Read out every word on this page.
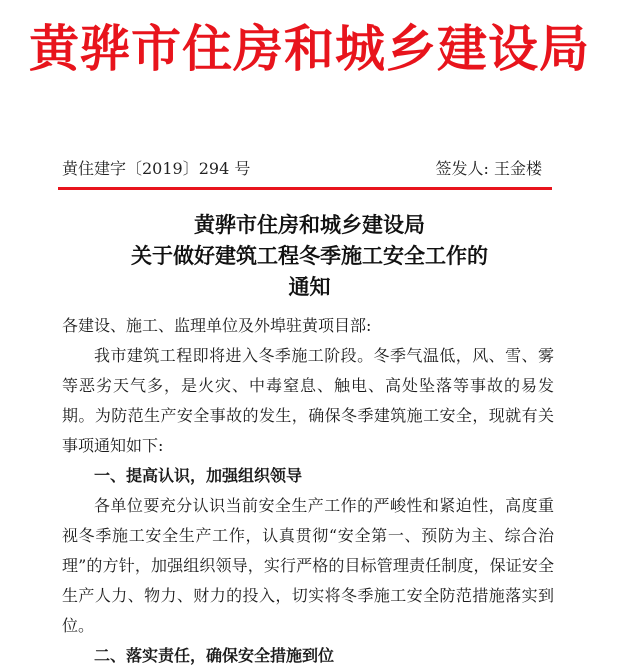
黄骅市住房和城乡建设局
黄住建字〔2019〕294 号	签发人: 王金楼
黄骅市住房和城乡建设局
关于做好建筑工程冬季施工安全工作的
通知

各建设、施工、监理单位及外埠驻黄项目部:

我市建筑工程即将进入冬季施工阶段。冬季气温低，风、雪、雾等恶劣天气多，是火灾、中毒窒息、触电、高处坠落等事故的易发期。为防范生产安全事故的发生，确保冬季建筑施工安全，现就有关事项通知如下:

一、提高认识，加强组织领导

各单位要充分认识当前安全生产工作的严峻性和紧迫性，高度重视冬季施工安全生产工作，认真贯彻“安全第一、预防为主、综合治理”的方针，加强组织领导，实行严格的目标管理责任制度，保证安全生产人力、物力、财力的投入，切实将冬季施工安全防范措施落实到位。

二、落实责任，确保安全措施到位
